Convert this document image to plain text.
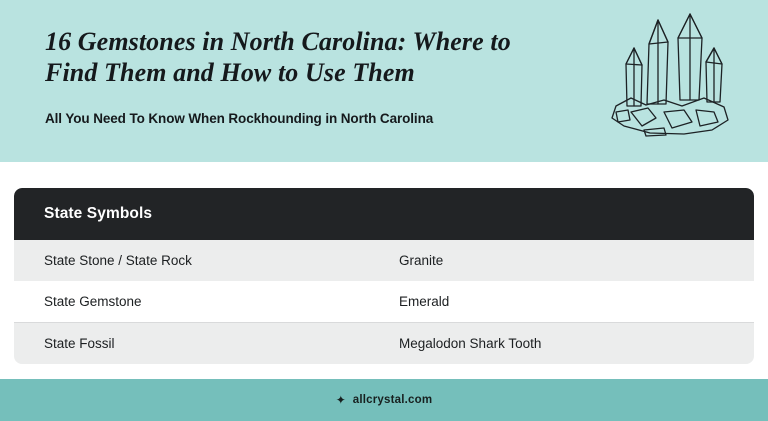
16 Gemstones in North Carolina: Where to Find Them and How to Use Them

All You Need To Know When Rockhounding in North Carolina

State Symbols
State Stone / State Rock	Granite
State Gemstone	Emerald
State Fossil	Megalodon Shark Tooth
✦ allcrystal.com
